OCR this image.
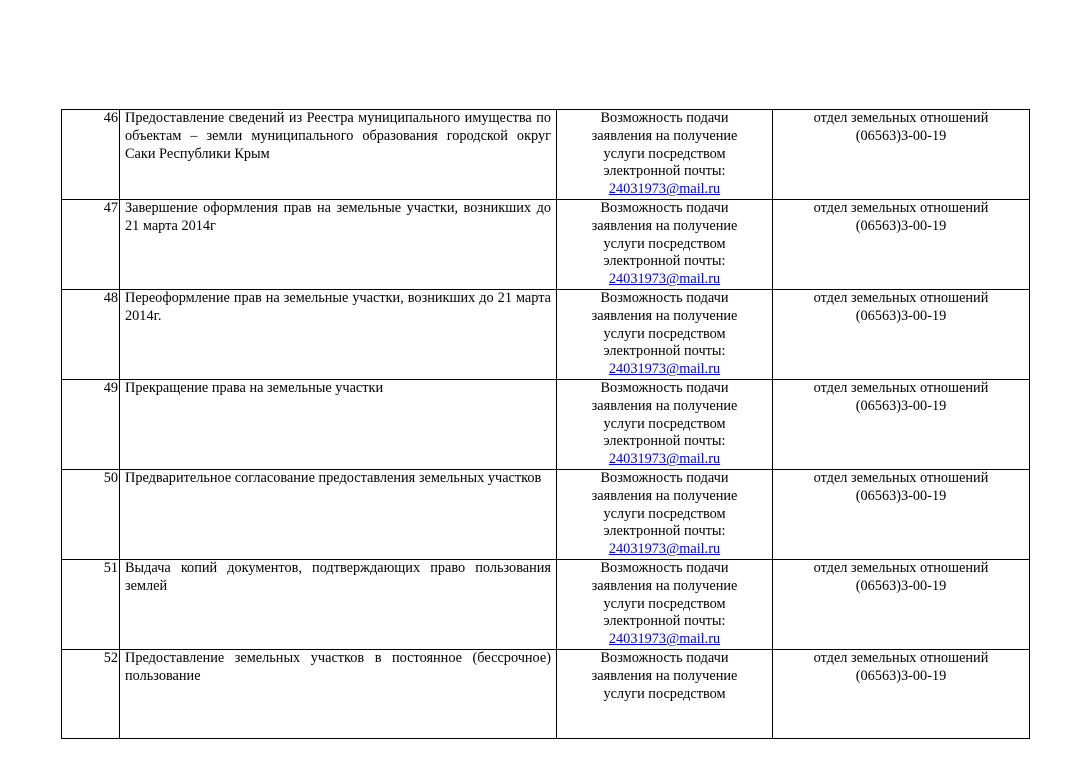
46	Предоставление сведений из Реестра муниципального имущества по объектам – земли муниципального образования городской округ Саки Республики Крым	Возможность подачи
заявления на получение
услуги посредством
электронной почты:
24031973@mail.ru	отдел земельных отношений
(06563)3-00-19

47	Завершение оформления прав на земельные участки, возникших до 21 марта 2014г	Возможность подачи
заявления на получение
услуги посредством
электронной почты:
24031973@mail.ru	отдел земельных отношений
(06563)3-00-19

48	Переоформление прав на земельные участки, возникших до 21 марта 2014г.	Возможность подачи
заявления на получение
услуги посредством
электронной почты:
24031973@mail.ru	отдел земельных отношений
(06563)3-00-19

49	Прекращение права на земельные участки	Возможность подачи
заявления на получение
услуги посредством
электронной почты:
24031973@mail.ru	отдел земельных отношений
(06563)3-00-19

50	Предварительное согласование предоставления земельных участков	Возможность подачи
заявления на получение
услуги посредством
электронной почты:
24031973@mail.ru	отдел земельных отношений
(06563)3-00-19

51	Выдача копий документов, подтверждающих право пользования землей	Возможность подачи
заявления на получение
услуги посредством
электронной почты:
24031973@mail.ru	отдел земельных отношений
(06563)3-00-19

52	Предоставление земельных участков в постоянное (бессрочное) пользование	Возможность подачи
заявления на получение
услуги посредством	отдел земельных отношений
(06563)3-00-19
